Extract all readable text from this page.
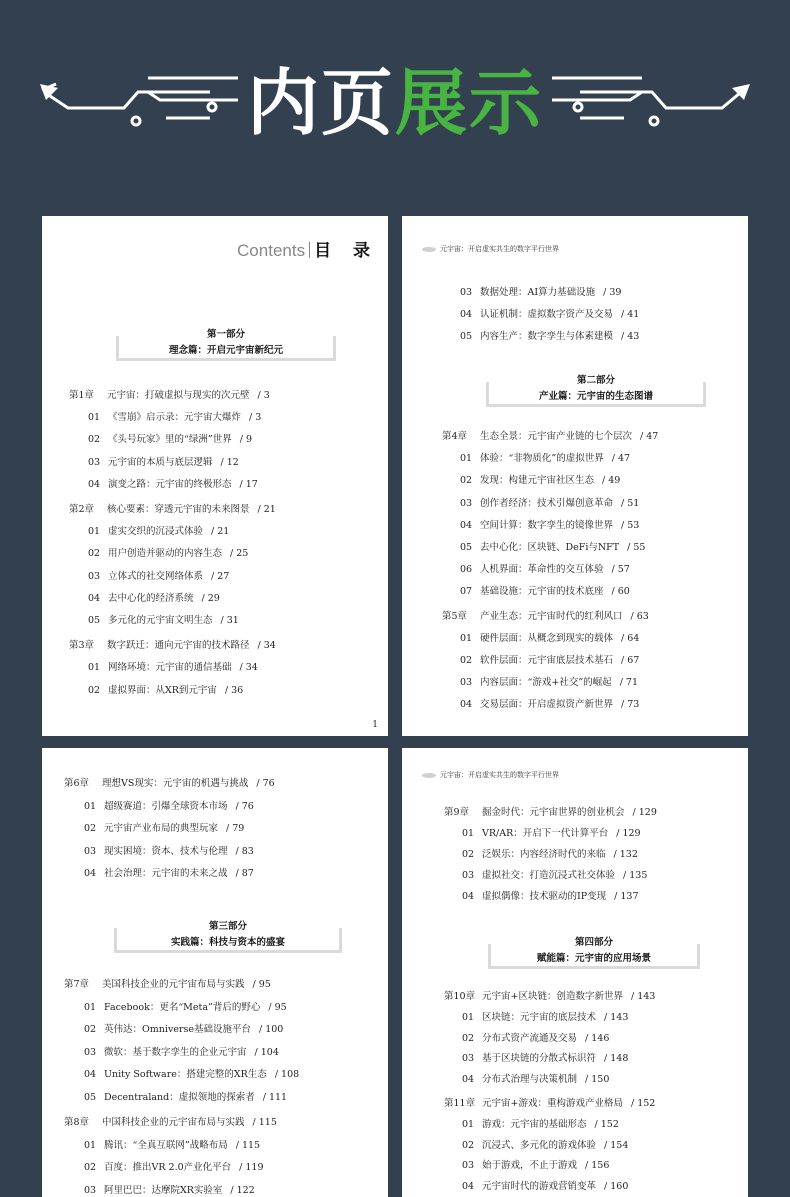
内页展示
Contents 目 录
第一部分
理念篇：开启元宇宙新纪元
第1章 元宇宙：打破虚拟与现实的次元壁 / 3
01 《雪崩》启示录：元宇宙大爆炸 / 3
02 《头号玩家》里的“绿洲”世界 / 9
03 元宇宙的本质与底层逻辑 / 12
04 演变之路：元宇宙的终极形态 / 17
第2章 核心要素：穿透元宇宙的未来图景 / 21
01 虚实交织的沉浸式体验 / 21
02 用户创造并驱动的内容生态 / 25
03 立体式的社交网络体系 / 27
04 去中心化的经济系统 / 29
05 多元化的元宇宙文明生态 / 31
第3章 数字跃迁：通向元宇宙的技术路径 / 34
01 网络环境：元宇宙的通信基础 / 34
02 虚拟界面：从XR到元宇宙 / 36
1
元宇宙：开启虚实共生的数字平行世界
03 数据处理：AI算力基础设施 / 39
04 认证机制：虚拟数字资产及交易 / 41
05 内容生产：数字孪生与体素建模 / 43
第二部分
产业篇：元宇宙的生态图谱
第4章 生态全景：元宇宙产业链的七个层次 / 47
01 体验：“非物质化”的虚拟世界 / 47
02 发现：构建元宇宙社区生态 / 49
03 创作者经济：技术引爆创意革命 / 51
04 空间计算：数字孪生的镜像世界 / 53
05 去中心化：区块链、DeFi与NFT / 55
06 人机界面：革命性的交互体验 / 57
07 基础设施：元宇宙的技术底座 / 60
第5章 产业生态：元宇宙时代的红利风口 / 63
01 硬件层面：从概念到现实的载体 / 64
02 软件层面：元宇宙底层技术基石 / 67
03 内容层面：“游戏+社交”的崛起 / 71
04 交易层面：开启虚拟资产新世界 / 73
第6章 理想VS现实：元宇宙的机遇与挑战 / 76
01 超级赛道：引爆全球资本市场 / 76
02 元宇宙产业布局的典型玩家 / 79
03 现实困境：资本、技术与伦理 / 83
04 社会治理：元宇宙的未来之战 / 87
第三部分
实践篇：科技与资本的盛宴
第7章 美国科技企业的元宇宙布局与实践 / 95
01 Facebook：更名“Meta”背后的野心 / 95
02 英伟达：Omniverse基础设施平台 / 100
03 微软：基于数字孪生的企业元宇宙 / 104
04 Unity Software：搭建完整的XR生态 / 108
05 Decentraland：虚拟领地的探索者 / 111
第8章 中国科技企业的元宇宙布局与实践 / 115
01 腾讯：“全真互联网”战略布局 / 115
02 百度：推出VR 2.0产业化平台 / 119
03 阿里巴巴：达摩院XR实验室 / 122
元宇宙：开启虚实共生的数字平行世界
第9章 掘金时代：元宇宙世界的创业机会 / 129
01 VR/AR：开启下一代计算平台 / 129
02 泛娱乐：内容经济时代的来临 / 132
03 虚拟社交：打造沉浸式社交体验 / 135
04 虚拟偶像：技术驱动的IP变现 / 137
第四部分
赋能篇：元宇宙的应用场景
第10章 元宇宙+区块链：创造数字新世界 / 143
01 区块链：元宇宙的底层技术 / 143
02 分布式资产流通及交易 / 146
03 基于区块链的分散式标识符 / 148
04 分布式治理与决策机制 / 150
第11章 元宇宙+游戏：重构游戏产业格局 / 152
01 游戏：元宇宙的基础形态 / 152
02 沉浸式、多元化的游戏体验 / 154
03 始于游戏，不止于游戏 / 156
04 元宇宙时代的游戏营销变革 / 160
